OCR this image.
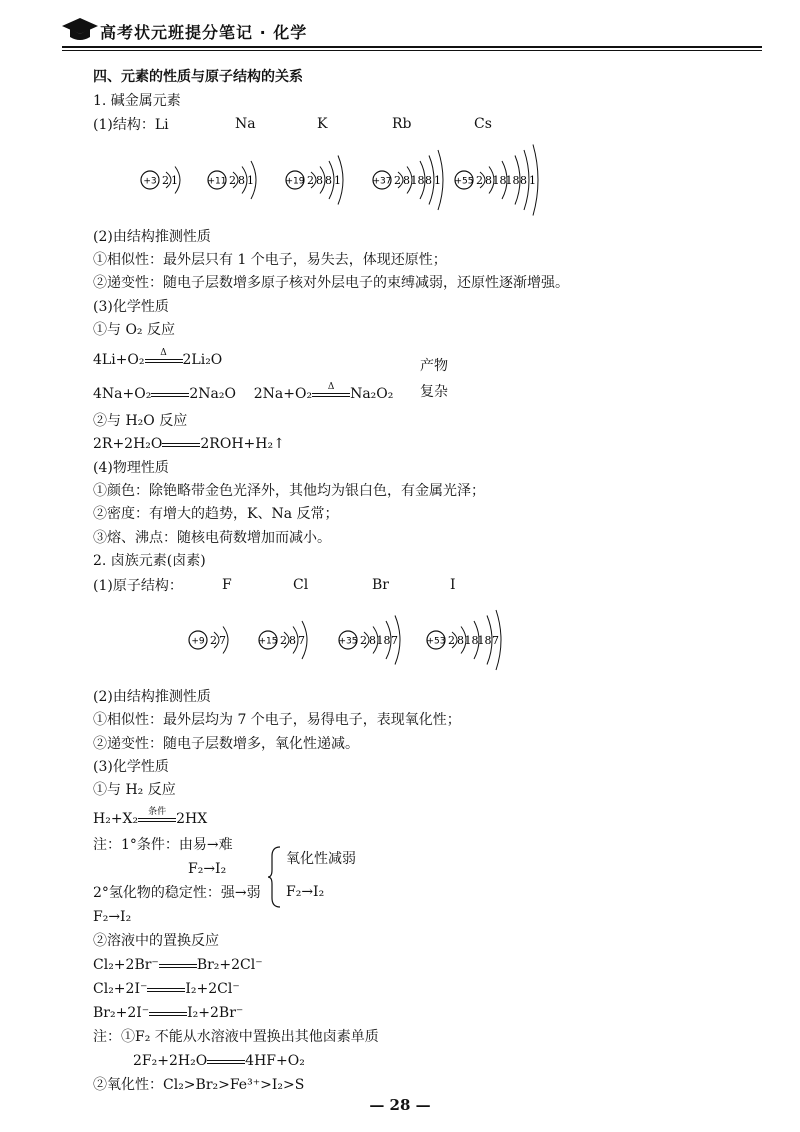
高考状元班提分笔记 · 化学
四、元素的性质与原子结构的关系
1. 碱金属元素
(1)结构：Li	Na	K	Rb	Cs
+3 2 1	+11 2 8 1	+19 2 8 8 1	+37 2 8 18 8 1 +55 2 8 18 18 8 1
(2)由结构推测性质
①相似性：最外层只有 1 个电子，易失去，体现还原性；
②递变性：随电子层数增多原子核对外层电子的束缚减弱，还原性逐渐增强。
(3)化学性质
①与 O₂ 反应
4Li+O₂	Δ	2Li₂O
4Na+O₂	2Na₂O 2Na+O₂	Δ	Na₂O₂
产物
复杂
②与 H₂O 反应
2R+2H₂O	2ROH+H₂↑
(4)物理性质
①颜色：除铯略带金色光泽外，其他均为银白色，有金属光泽；
②密度：有增大的趋势，K、Na 反常；
③熔、沸点：随核电荷数增加而减小。
2. 卤族元素(卤素)
(1)原子结构：	F	Cl	Br	I
+9 2 7	+15 2 8 7	+35 2 8 18 7	+53 2 8 18 18 7
(2)由结构推测性质
①相似性：最外层均为 7 个电子，易得电子，表现氧化性；
②递变性：随电子层数增多，氧化性递减。
(3)化学性质
①与 H₂ 反应
H₂+X₂	条件 2HX
注：1°条件：由易→难
F₂→I₂
氧化性减弱
2°氢化物的稳定性：强→弱 F₂→I₂
F₂→I₂
②溶液中的置换反应
Cl₂+2Br⁻	Br₂+2Cl⁻
Cl₂+2I⁻	I₂+2Cl⁻
Br₂+2I⁻	I₂+2Br⁻
注：①F₂ 不能从水溶液中置换出其他卤素单质
2F₂+2H₂O	4HF+O₂
②氧化性：Cl₂>Br₂>Fe³⁺>I₂>S
— 28 —
